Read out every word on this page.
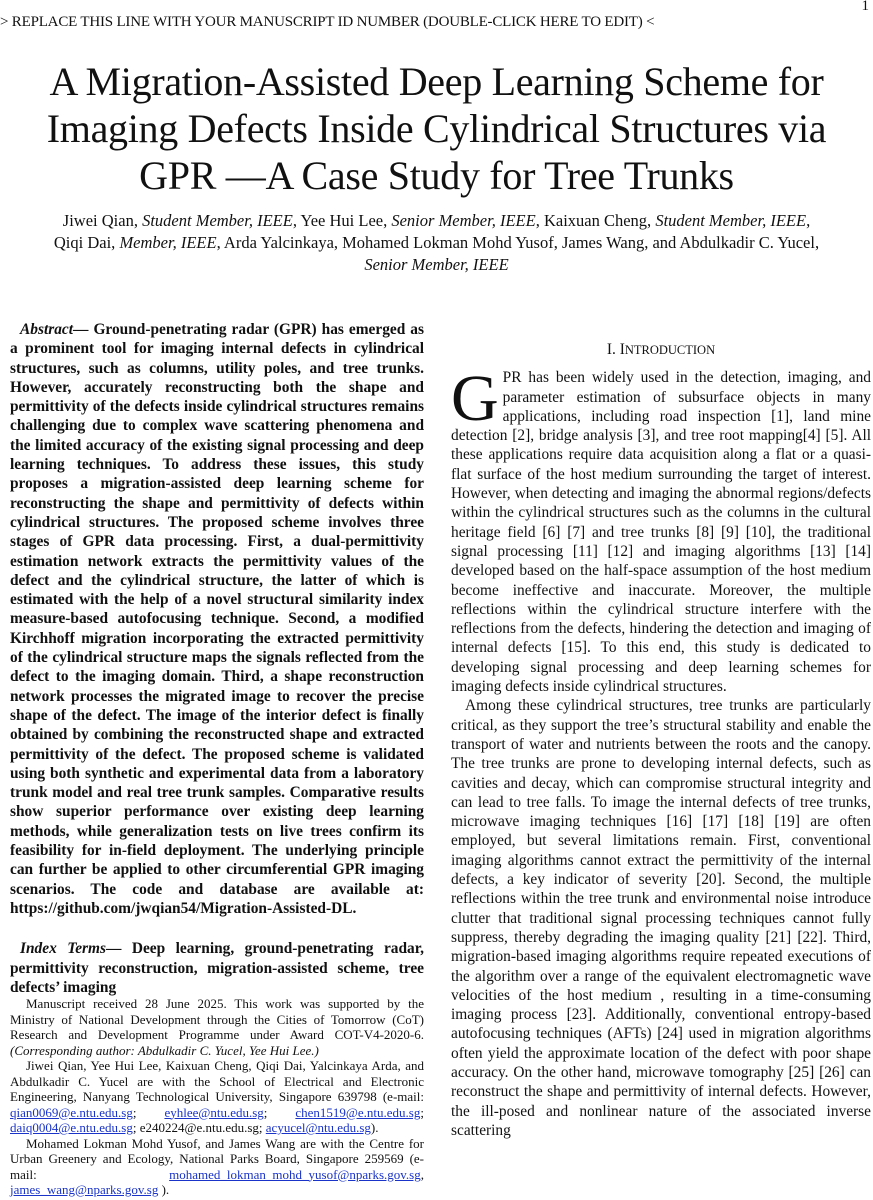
1
> REPLACE THIS LINE WITH YOUR MANUSCRIPT ID NUMBER (DOUBLE-CLICK HERE TO EDIT) <
A Migration-Assisted Deep Learning Scheme for
Imaging Defects Inside Cylindrical Structures via
GPR —A Case Study for Tree Trunks
Jiwei Qian, Student Member, IEEE, Yee Hui Lee, Senior Member, IEEE, Kaixuan Cheng, Student Member, IEEE,
Qiqi Dai, Member, IEEE, Arda Yalcinkaya, Mohamed Lokman Mohd Yusof, James Wang, and Abdulkadir C. Yucel,
Senior Member, IEEE

Abstract— Ground-penetrating radar (GPR) has emerged as a prominent tool for imaging internal defects in cylindrical structures, such as columns, utility poles, and tree trunks. However, accurately reconstructing both the shape and permittivity of the defects inside cylindrical structures remains challenging due to complex wave scattering phenomena and the limited accuracy of the existing signal processing and deep learning techniques. To address these issues, this study proposes a migration-assisted deep learning scheme for reconstructing the shape and permittivity of defects within cylindrical structures. The proposed scheme involves three stages of GPR data processing. First, a dual-permittivity estimation network extracts the permittivity values of the defect and the cylindrical structure, the latter of which is estimated with the help of a novel structural similarity index measure-based autofocusing technique. Second, a modified Kirchhoff migration incorporating the extracted permittivity of the cylindrical structure maps the signals reflected from the defect to the imaging domain. Third, a shape reconstruction network processes the migrated image to recover the precise shape of the defect. The image of the interior defect is finally obtained by combining the reconstructed shape and extracted permittivity of the defect. The proposed scheme is validated using both synthetic and experimental data from a laboratory trunk model and real tree trunk samples. Comparative results show superior performance over existing deep learning methods, while generalization tests on live trees confirm its feasibility for in-field deployment. The underlying principle can further be applied to other circumferential GPR imaging scenarios. The code and database are available at: https://github.com/jwqian54/Migration-Assisted-DL.

Index Terms— Deep learning, ground-penetrating radar, permittivity reconstruction, migration-assisted scheme, tree defects’ imaging

Manuscript received 28 June 2025. This work was supported by the Ministry of National Development through the Cities of Tomorrow (CoT) Research and Development Programme under Award COT-V4-2020-6. (Corresponding author: Abdulkadir C. Yucel, Yee Hui Lee.)

Jiwei Qian, Yee Hui Lee, Kaixuan Cheng, Qiqi Dai, Yalcinkaya Arda, and Abdulkadir C. Yucel are with the School of Electrical and Electronic Engineering, Nanyang Technological University, Singapore 639798 (e-mail: qian0069@e.ntu.edu.sg; eyhlee@ntu.edu.sg; chen1519@e.ntu.edu.sg; daiq0004@e.ntu.edu.sg; e240224@e.ntu.edu.sg; acyucel@ntu.edu.sg).

Mohamed Lokman Mohd Yusof, and James Wang are with the Centre for Urban Greenery and Ecology, National Parks Board, Singapore 259569 (e-mail: mohamed_lokman_mohd_yusof@nparks.gov.sg, james_wang@nparks.gov.sg ).

I. INTRODUCTION

GPR has been widely used in the detection, imaging, and parameter estimation of subsurface objects in many applications, including road inspection [1], land mine detection [2], bridge analysis [3], and tree root mapping[4] [5]. All these applications require data acquisition along a flat or a quasi-flat surface of the host medium surrounding the target of interest. However, when detecting and imaging the abnormal regions/defects within the cylindrical structures such as the columns in the cultural heritage field [6] [7] and tree trunks [8] [9] [10], the traditional signal processing [11] [12] and imaging algorithms [13] [14] developed based on the half-space assumption of the host medium become ineffective and inaccurate. Moreover, the multiple reflections within the cylindrical structure interfere with the reflections from the defects, hindering the detection and imaging of internal defects [15]. To this end, this study is dedicated to developing signal processing and deep learning schemes for imaging defects inside cylindrical structures.

Among these cylindrical structures, tree trunks are particularly critical, as they support the tree’s structural stability and enable the transport of water and nutrients between the roots and the canopy. The tree trunks are prone to developing internal defects, such as cavities and decay, which can compromise structural integrity and can lead to tree falls. To image the internal defects of tree trunks, microwave imaging techniques [16] [17] [18] [19] are often employed, but several limitations remain. First, conventional imaging algorithms cannot extract the permittivity of the internal defects, a key indicator of severity [20]. Second, the multiple reflections within the tree trunk and environmental noise introduce clutter that traditional signal processing techniques cannot fully suppress, thereby degrading the imaging quality [21] [22]. Third, migration-based imaging algorithms require repeated executions of the algorithm over a range of the equivalent electromagnetic wave velocities of the host medium , resulting in a time-consuming imaging process [23]. Additionally, conventional entropy-based autofocusing techniques (AFTs) [24] used in migration algorithms often yield the approximate location of the defect with poor shape accuracy. On the other hand, microwave tomography [25] [26] can reconstruct the shape and permittivity of internal defects. However, the ill-posed and nonlinear nature of the associated inverse scattering
